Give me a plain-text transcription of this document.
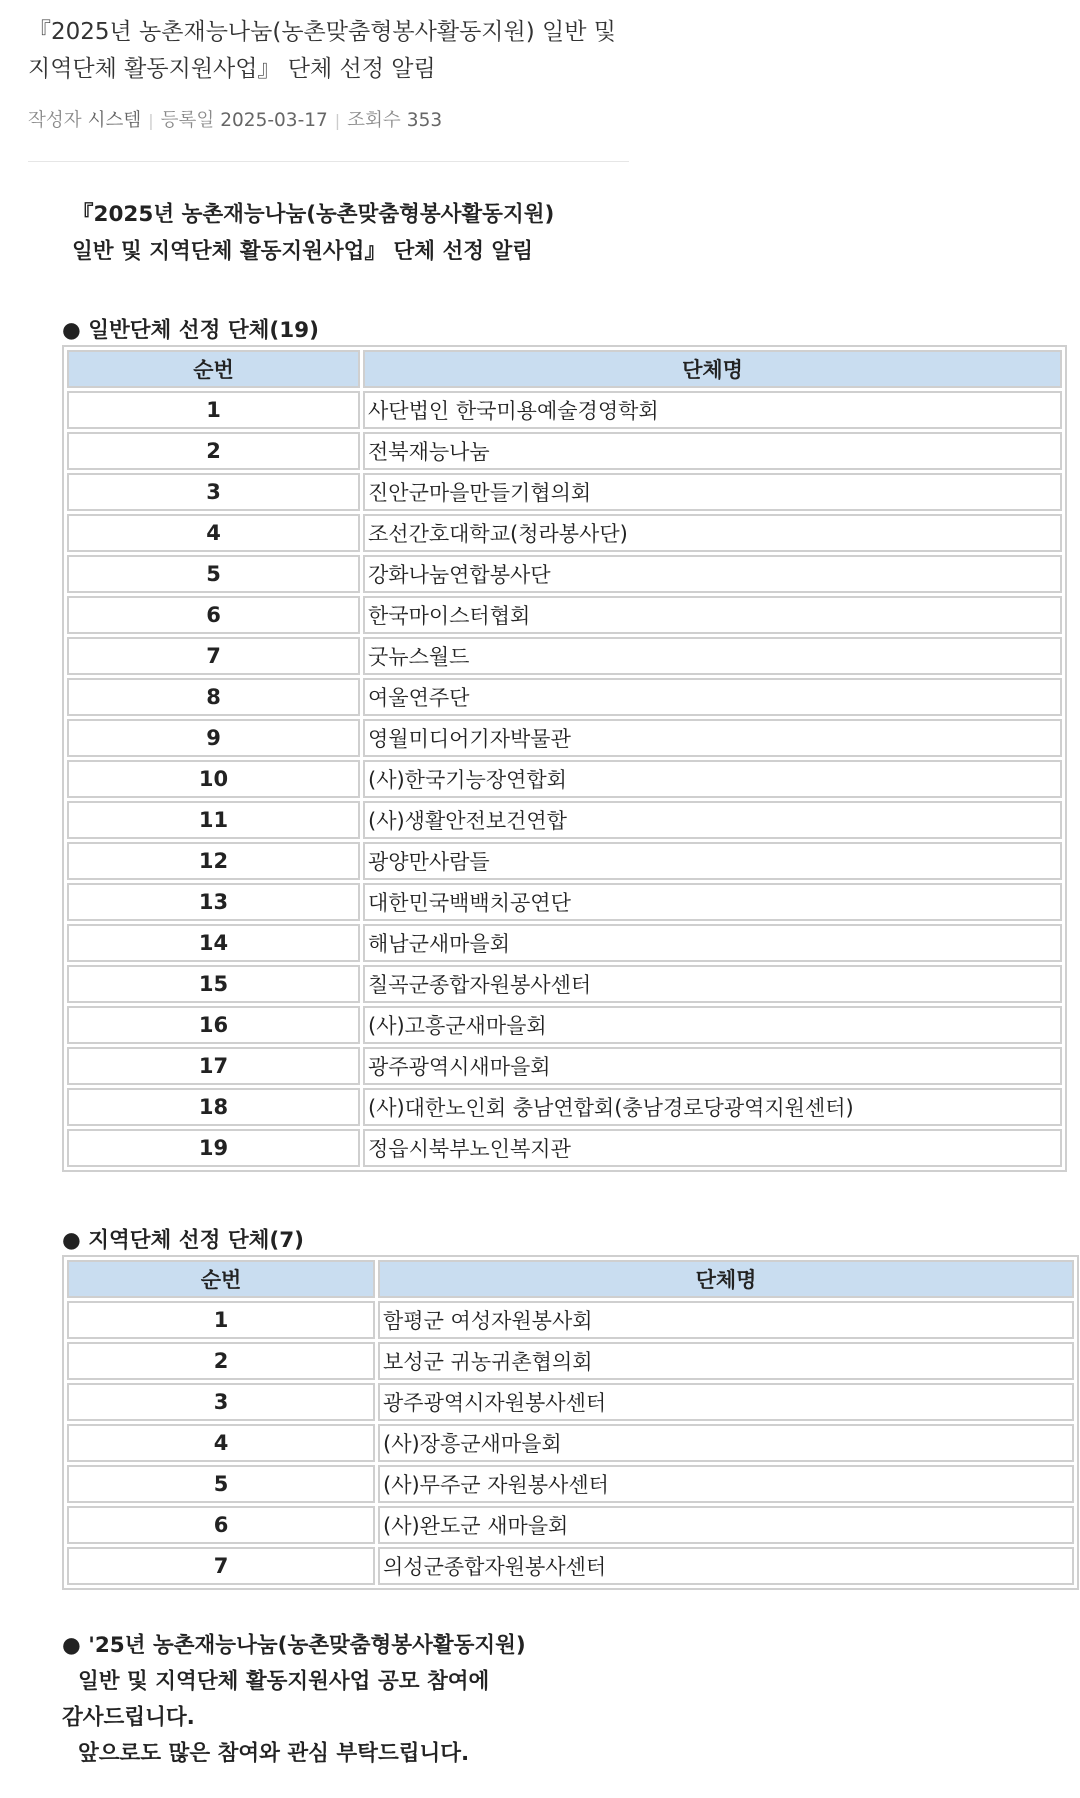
『2025년 농촌재능나눔(농촌맞춤형봉사활동지원) 일반 및
지역단체 활동지원사업』 단체 선정 알림
작성자 시스템 | 등록일 2025-03-17 | 조회수 353
『2025년 농촌재능나눔(농촌맞춤형봉사활동지원)
일반 및 지역단체 활동지원사업』 단체 선정 알림
● 일반단체 선정 단체(19)
순번	단체명
1	사단법인 한국미용예술경영학회
2	전북재능나눔
3	진안군마을만들기협의회
4	조선간호대학교(청라봉사단)
5	강화나눔연합봉사단
6	한국마이스터협회
7	굿뉴스월드
8	여울연주단
9	영월미디어기자박물관
10	(사)한국기능장연합회
11	(사)생활안전보건연합
12	광양만사람들
13	대한민국백백치공연단
14	해남군새마을회
15	칠곡군종합자원봉사센터
16	(사)고흥군새마을회
17	광주광역시새마을회
18	(사)대한노인회 충남연합회(충남경로당광역지원센터)
19	정읍시북부노인복지관
● 지역단체 선정 단체(7)
순번	단체명
1	함평군 여성자원봉사회
2	보성군 귀농귀촌협의회
3	광주광역시자원봉사센터
4	(사)장흥군새마을회
5	(사)무주군 자원봉사센터
6	(사)완도군 새마을회
7	의성군종합자원봉사센터
● '25년 농촌재능나눔(농촌맞춤형봉사활동지원)
일반 및 지역단체 활동지원사업 공모 참여에
감사드립니다.
앞으로도 많은 참여와 관심 부탁드립니다.
